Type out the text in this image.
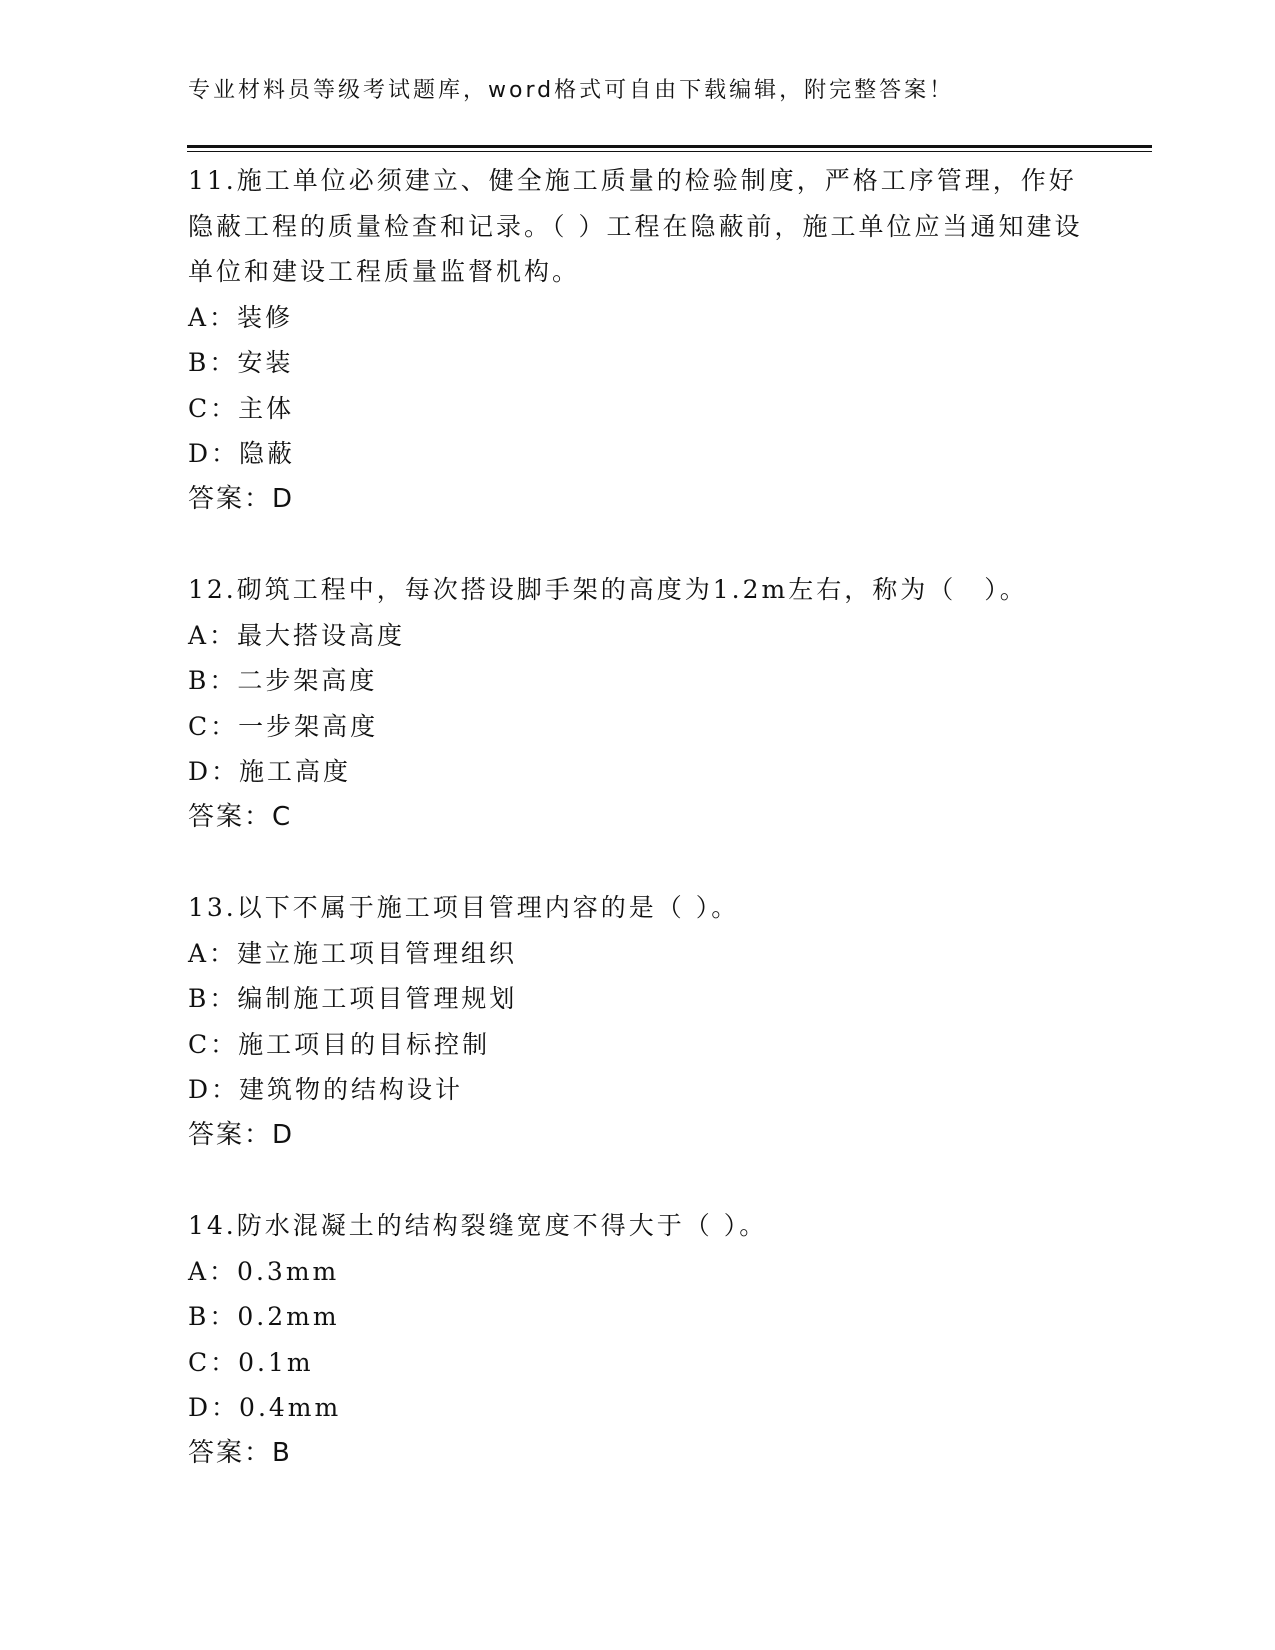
专业材料员等级考试题库，word格式可自由下载编辑，附完整答案！
11.施工单位必须建立、健全施工质量的检验制度，严格工序管理，作好隐蔽工程的质量检查和记录。（ ）工程在隐蔽前，施工单位应当通知建设单位和建设工程质量监督机构。
A：装修
B：安装
C：主体
D：隐蔽
答案：D
12.砌筑工程中，每次搭设脚手架的高度为1.2m左右，称为（　）。
A：最大搭设高度
B：二步架高度
C：一步架高度
D：施工高度
答案：C
13.以下不属于施工项目管理内容的是（ ）。
A：建立施工项目管理组织
B：编制施工项目管理规划
C：施工项目的目标控制
D：建筑物的结构设计
答案：D
14.防水混凝土的结构裂缝宽度不得大于（ ）。
A：0.3mm
B：0.2mm
C：0.1m
D：0.4mm
答案：B
